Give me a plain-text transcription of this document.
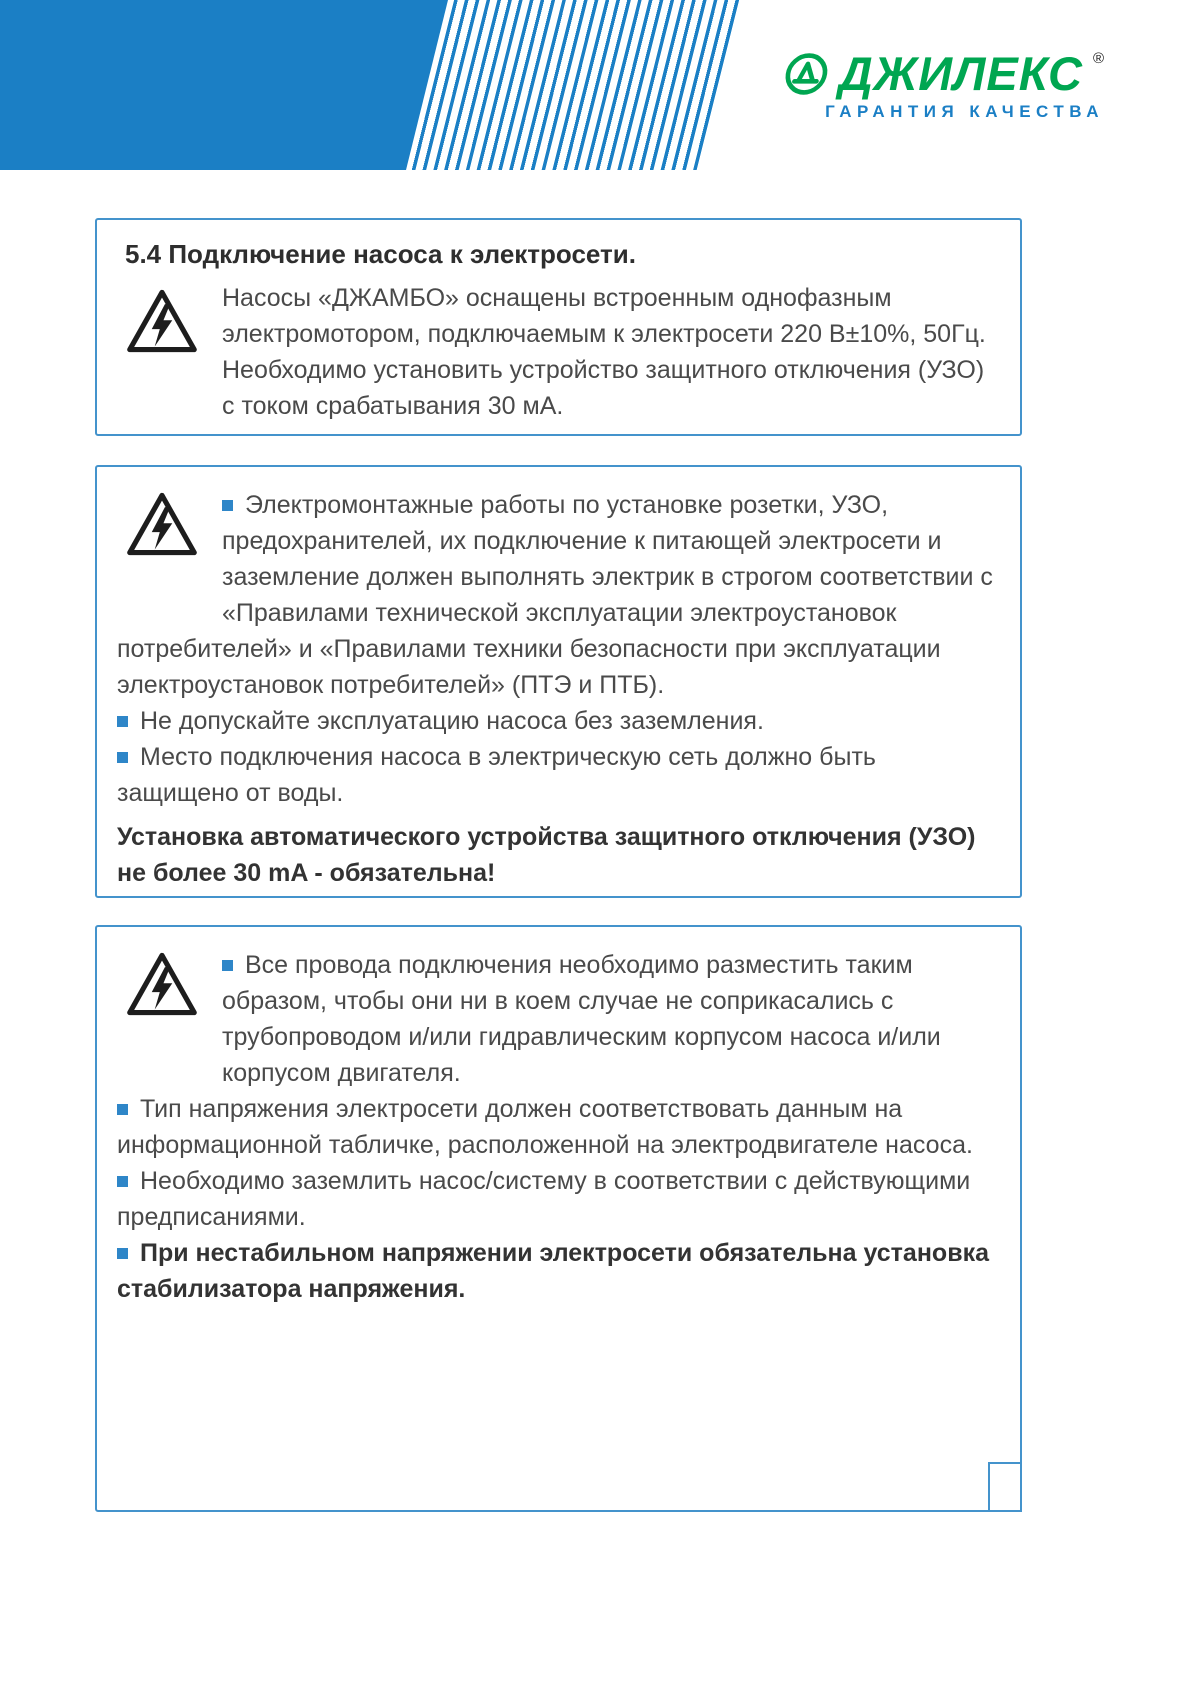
ДЖИЛЕКС ®
ГАРАНТИЯ КАЧЕСТВА
5.4 Подключение насоса к электросети.

Насосы «ДЖАМБО» оснащены встроенным однофазным электромотором, подключаемым к электросети 220 В±10%, 50Гц. Необходимо установить устройство защитного отключения (УЗО) с током срабатывания 30 мА.

Электромонтажные работы по установке розетки, УЗО, предохранителей, их подключение к питающей электросети и заземление должен выполнять электрик в строгом соответствии с «Правилами технической эксплуатации электроустановок потребителей» и «Правилами техники безопасности при эксплуатации электроустановок потребителей» (ПТЭ и ПТБ).

Не допускайте эксплуатацию насоса без заземления.

Место подключения насоса в электрическую сеть должно быть защищено от воды.

Установка автоматического устройства защитного отключения (УЗО) не более 30 mA - обязательна!

Все провода подключения необходимо разместить таким образом, чтобы они ни в коем случае не соприкасались с трубопроводом и/или гидравлическим корпусом насоса и/или корпусом двигателя.

Тип напряжения электросети должен соответствовать данным на информационной табличке, расположенной на электродвигателе насоса.

Необходимо заземлить насос/систему в соответствии с действующими предписаниями.

При нестабильном напряжении электросети обязательна установка стабилизатора напряжения.
